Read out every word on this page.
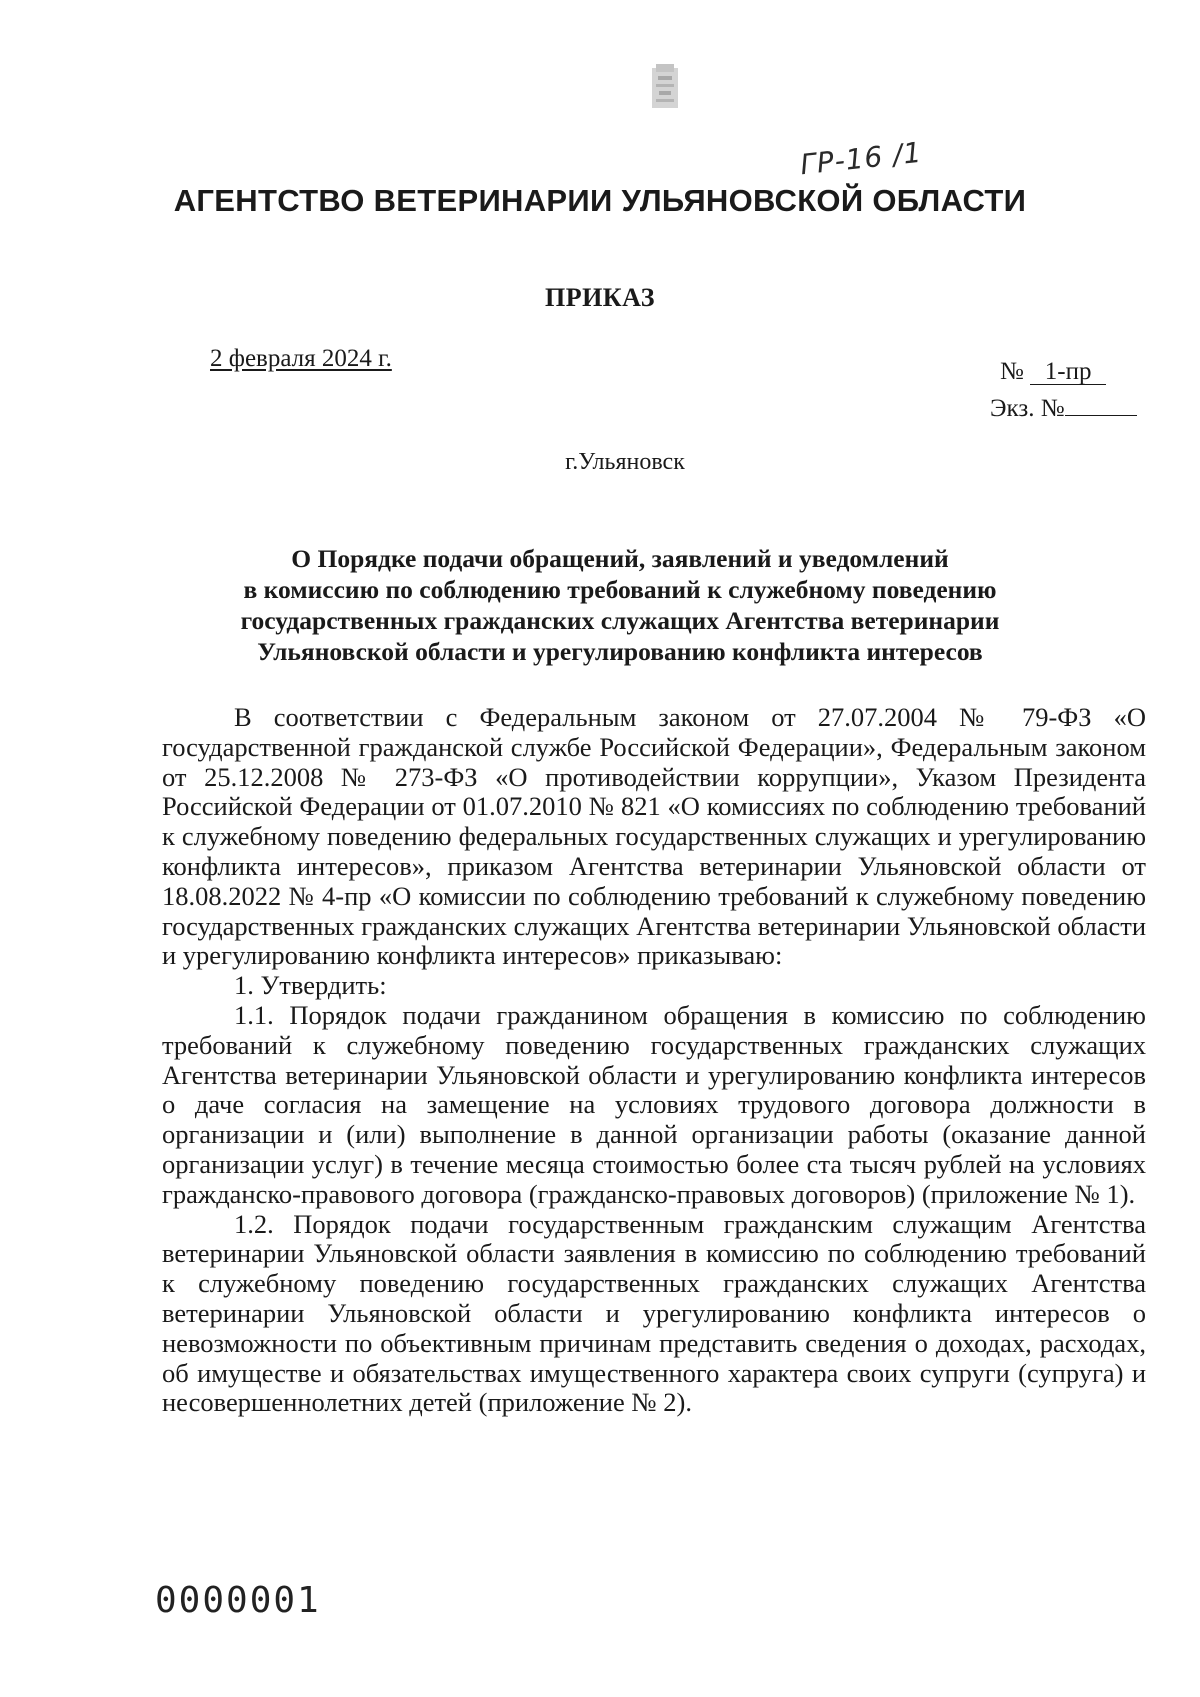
ГР-16 /1
АГЕНТСТВО ВЕТЕРИНАРИИ УЛЬЯНОВСКОЙ ОБЛАСТИ
ПРИКАЗ
2 февраля 2024 г.	№ 1-пр
Экз. №
г.Ульяновск
О Порядке подачи обращений, заявлений и уведомлений
в комиссию по соблюдению требований к служебному поведению
государственных гражданских служащих Агентства ветеринарии
Ульяновской области и урегулированию конфликта интересов

В соответствии с Федеральным законом от 27.07.2004 № 79-ФЗ «О государственной гражданской службе Российской Федерации», Федеральным законом от 25.12.2008 № 273-ФЗ «О противодействии коррупции», Указом Президента Российской Федерации от 01.07.2010 № 821 «О комиссиях по соблюдению требований к служебному поведению федеральных государственных служащих и урегулированию конфликта интересов», приказом Агентства ветеринарии Ульяновской области от 18.08.2022 № 4-пр «О комиссии по соблюдению требований к служебному поведению государственных гражданских служащих Агентства ветеринарии Ульяновской области и урегулированию конфликта интересов» приказываю:

1. Утвердить:

1.1. Порядок подачи гражданином обращения в комиссию по соблюдению требований к служебному поведению государственных гражданских служащих Агентства ветеринарии Ульяновской области и урегулированию конфликта интересов о даче согласия на замещение на условиях трудового договора должности в организации и (или) выполнение в данной организации работы (оказание данной организации услуг) в течение месяца стоимостью более ста тысяч рублей на условиях гражданско-правового договора (гражданско-правовых договоров) (приложение № 1).

1.2. Порядок подачи государственным гражданским служащим Агентства ветеринарии Ульяновской области заявления в комиссию по соблюдению требований к служебному поведению государственных гражданских служащих Агентства ветеринарии Ульяновской области и урегулированию конфликта интересов о невозможности по объективным причинам представить сведения о доходах, расходах, об имуществе и обязательствах имущественного характера своих супруги (супруга) и несовершеннолетних детей (приложение № 2).

0000001
